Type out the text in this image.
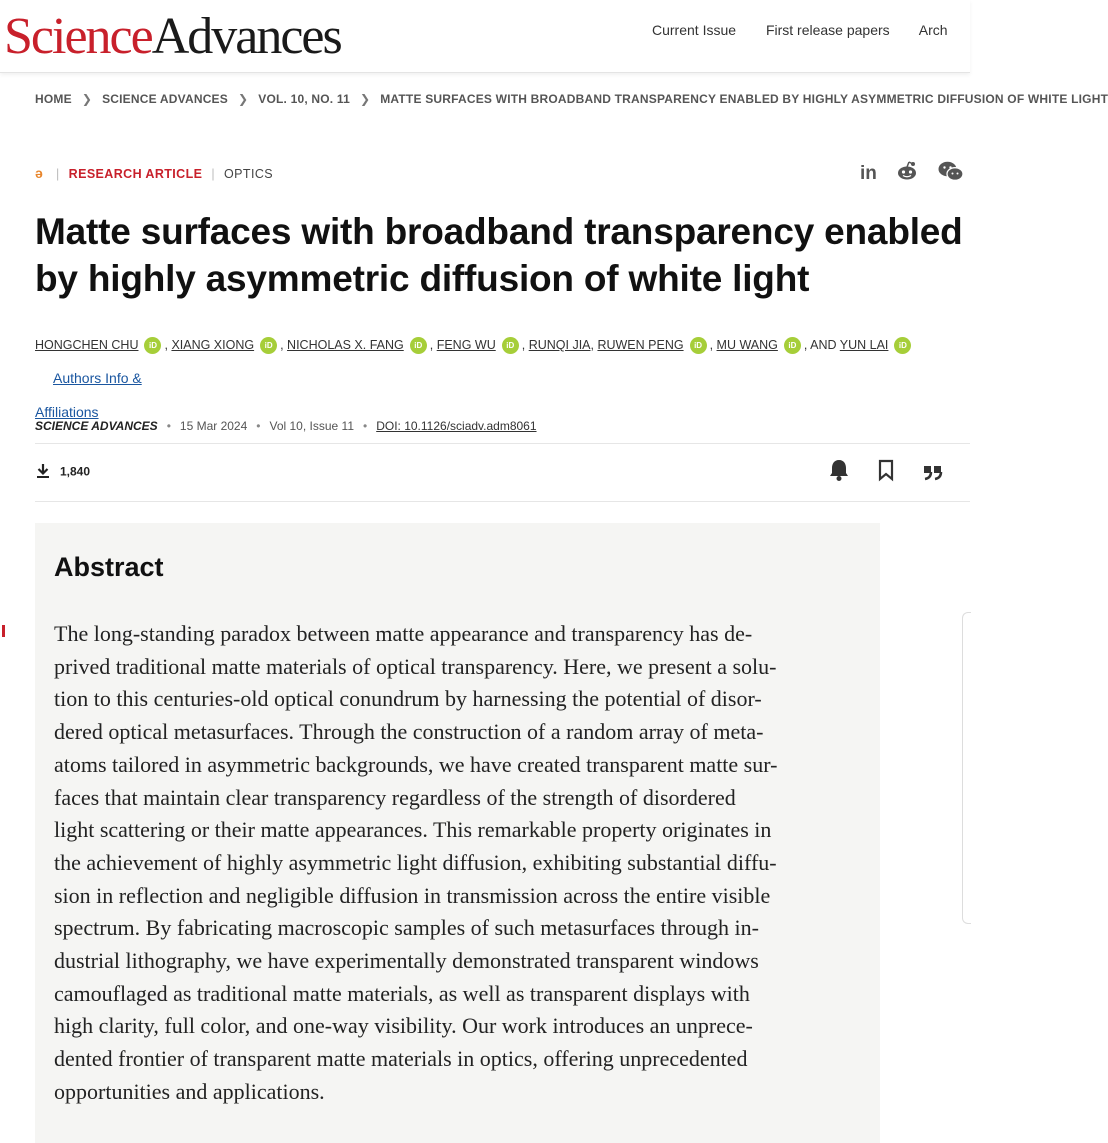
ScienceAdvances	Current Issue First release papers Arch
HOME ❯ SCIENCE ADVANCES ❯ VOL. 10, NO. 11 ❯ MATTE SURFACES WITH BROADBAND TRANSPARENCY ENABLED BY HIGHLY ASYMMETRIC DIFFUSION OF WHITE LIGHT
ə | RESEARCH ARTICLE | OPTICS	in
Matte surfaces with broadband transparency enabled
by highly asymmetric diffusion of white light
HONGCHEN CHU iD , XIANG XIONG iD , NICHOLAS X. FANG iD , FENG WU iD , RUNQI JIA, RUWEN PENG iD , MU WANG iD , AND YUN LAI iD Authors Info &
Affiliations
SCIENCE ADVANCES • 15 Mar 2024 • Vol 10, Issue 11 • DOI: 10.1126/sciadv.adm8061
1,840

Abstract
The long-standing paradox between matte appearance and transparency has de-
prived traditional matte materials of optical transparency. Here, we present a solu-
tion to this centuries-old optical conundrum by harnessing the potential of disor-
dered optical metasurfaces. Through the construction of a random array of meta-
atoms tailored in asymmetric backgrounds, we have created transparent matte sur-
faces that maintain clear transparency regardless of the strength of disordered
light scattering or their matte appearances. This remarkable property originates in
the achievement of highly asymmetric light diffusion, exhibiting substantial diffu-
sion in reflection and negligible diffusion in transmission across the entire visible
spectrum. By fabricating macroscopic samples of such metasurfaces through in-
dustrial lithography, we have experimentally demonstrated transparent windows
camouflaged as traditional matte materials, as well as transparent displays with
high clarity, full color, and one-way visibility. Our work introduces an unprece-
dented frontier of transparent matte materials in optics, offering unprecedented
opportunities and applications.
